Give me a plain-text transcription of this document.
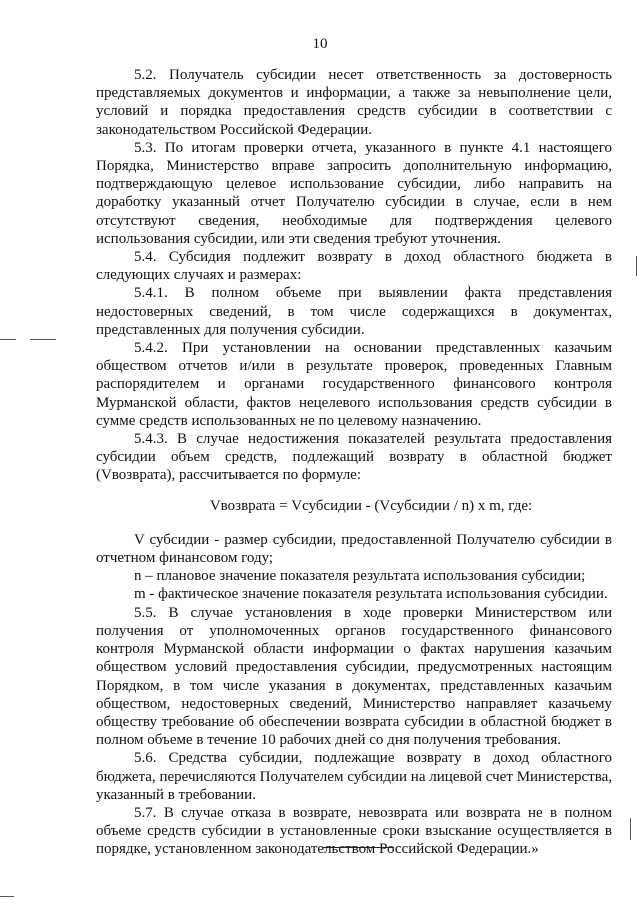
10

5.2. Получатель субсидии несет ответственность за достоверность представляемых документов и информации, а также за невыполнение цели, условий и порядка предоставления средств субсидии в соответствии с законодательством Российской Федерации.

5.3. По итогам проверки отчета, указанного в пункте 4.1 настоящего Порядка, Министерство вправе запросить дополнительную информацию, подтверждающую целевое использование субсидии, либо направить на доработку указанный отчет Получателю субсидии в случае, если в нем отсутствуют сведения, необходимые для подтверждения целевого использования субсидии, или эти сведения требуют уточнения.

5.4. Субсидия подлежит возврату в доход областного бюджета в следующих случаях и размерах:

5.4.1. В полном объеме при выявлении факта представления недостоверных сведений, в том числе содержащихся в документах, представленных для получения субсидии.

5.4.2. При установлении на основании представленных казачьим обществом отчетов и/или в результате проверок, проведенных Главным распорядителем и органами государственного финансового контроля Мурманской области, фактов нецелевого использования средств субсидии в сумме средств использованных не по целевому назначению.

5.4.3. В случае недостижения показателей результата предоставления субсидии объем средств, подлежащий возврату в областной бюджет (Vвозврата), рассчитывается по формуле:

Vвозврата = Vсубсидии - (Vсубсидии / n) x m, где:

V субсидии - размер субсидии, предоставленной Получателю субсидии в отчетном финансовом году;

n – плановое значение показателя результата использования субсидии;

m - фактическое значение показателя результата использования субсидии.

5.5. В случае установления в ходе проверки Министерством или получения от уполномоченных органов государственного финансового контроля Мурманской области информации о фактах нарушения казачьим обществом условий предоставления субсидии, предусмотренных настоящим Порядком, в том числе указания в документах, представленных казачьим обществом, недостоверных сведений, Министерство направляет казачьему обществу требование об обеспечении возврата субсидии в областной бюджет в полном объеме в течение 10 рабочих дней со дня получения требования.

5.6. Средства субсидии, подлежащие возврату в доход областного бюджета, перечисляются Получателем субсидии на лицевой счет Министерства, указанный в требовании.

5.7. В случае отказа в возврате, невозврата или возврата не в полном объеме средств субсидии в установленные сроки взыскание осуществляется в порядке, установленном законодательством Российской Федерации.»
